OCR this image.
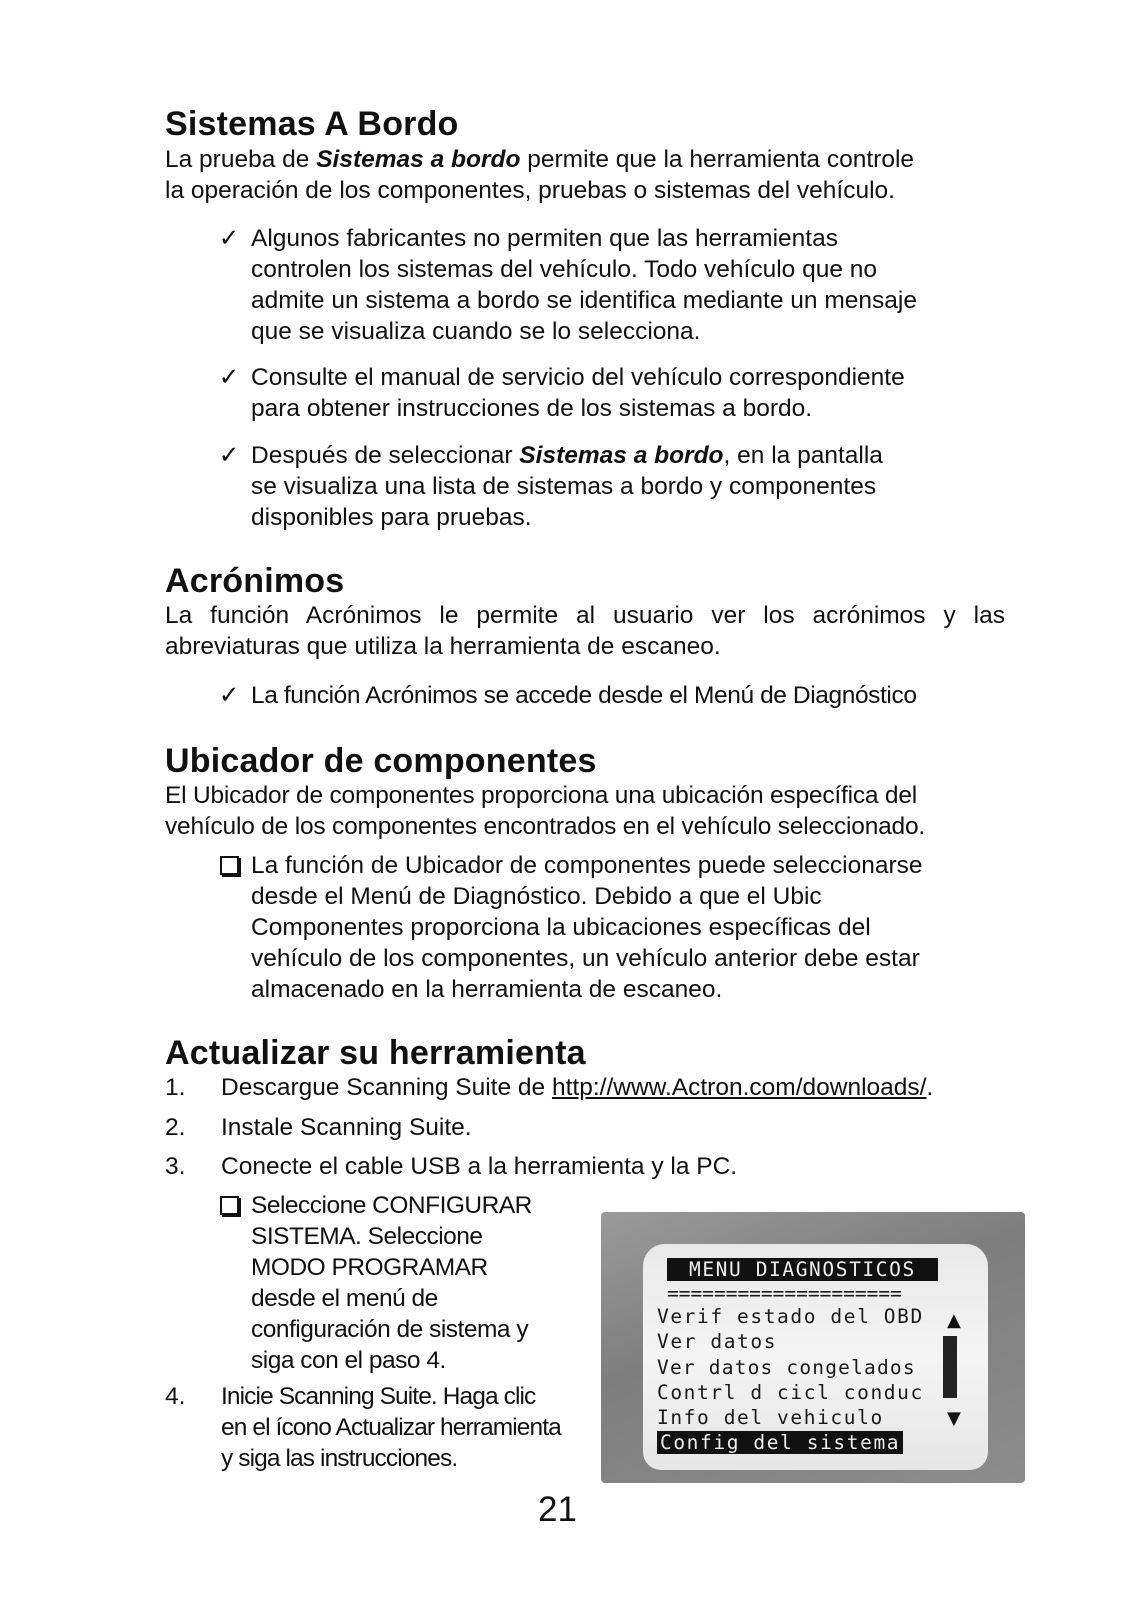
Sistemas A Bordo
La prueba de Sistemas a bordo permite que la herramienta controle
la operación de los componentes, pruebas o sistemas del vehículo.
✓ Algunos fabricantes no permiten que las herramientas
controlen los sistemas del vehículo. Todo vehículo que no
admite un sistema a bordo se identifica mediante un mensaje
que se visualiza cuando se lo selecciona.
✓ Consulte el manual de servicio del vehículo correspondiente
para obtener instrucciones de los sistemas a bordo.
✓ Después de seleccionar Sistemas a bordo, en la pantalla
se visualiza una lista de sistemas a bordo y componentes
disponibles para pruebas.
Acrónimos
La función Acrónimos le permite al usuario ver los acrónimos y las
abreviaturas que utiliza la herramienta de escaneo.
✓ La función Acrónimos se accede desde el Menú de Diagnóstico
Ubicador de componentes
El Ubicador de componentes proporciona una ubicación específica del
vehículo de los componentes encontrados en el vehículo seleccionado.
La función de Ubicador de componentes puede seleccionarse
desde el Menú de Diagnóstico. Debido a que el Ubic
Componentes proporciona la ubicaciones específicas del
vehículo de los componentes, un vehículo anterior debe estar
almacenado en la herramienta de escaneo.
Actualizar su herramienta
1. Descargue Scanning Suite de http://www.Actron.com/downloads/.
2. Instale Scanning Suite.
3. Conecte el cable USB a la herramienta y la PC.
Seleccione CONFIGURAR
SISTEMA. Seleccione
MODO PROGRAMAR
desde el menú de
configuración de sistema y
siga con el paso 4.
4. Inicie Scanning Suite. Haga clic
en el ícono Actualizar herramienta
y siga las instrucciones.
MENU DIAGNOSTICOS
====================
Verif estado del OBD
Ver datos
Ver datos congelados
Contrl d cicl conduc
Info del vehiculo
Config del sistema
▲
▼
21
